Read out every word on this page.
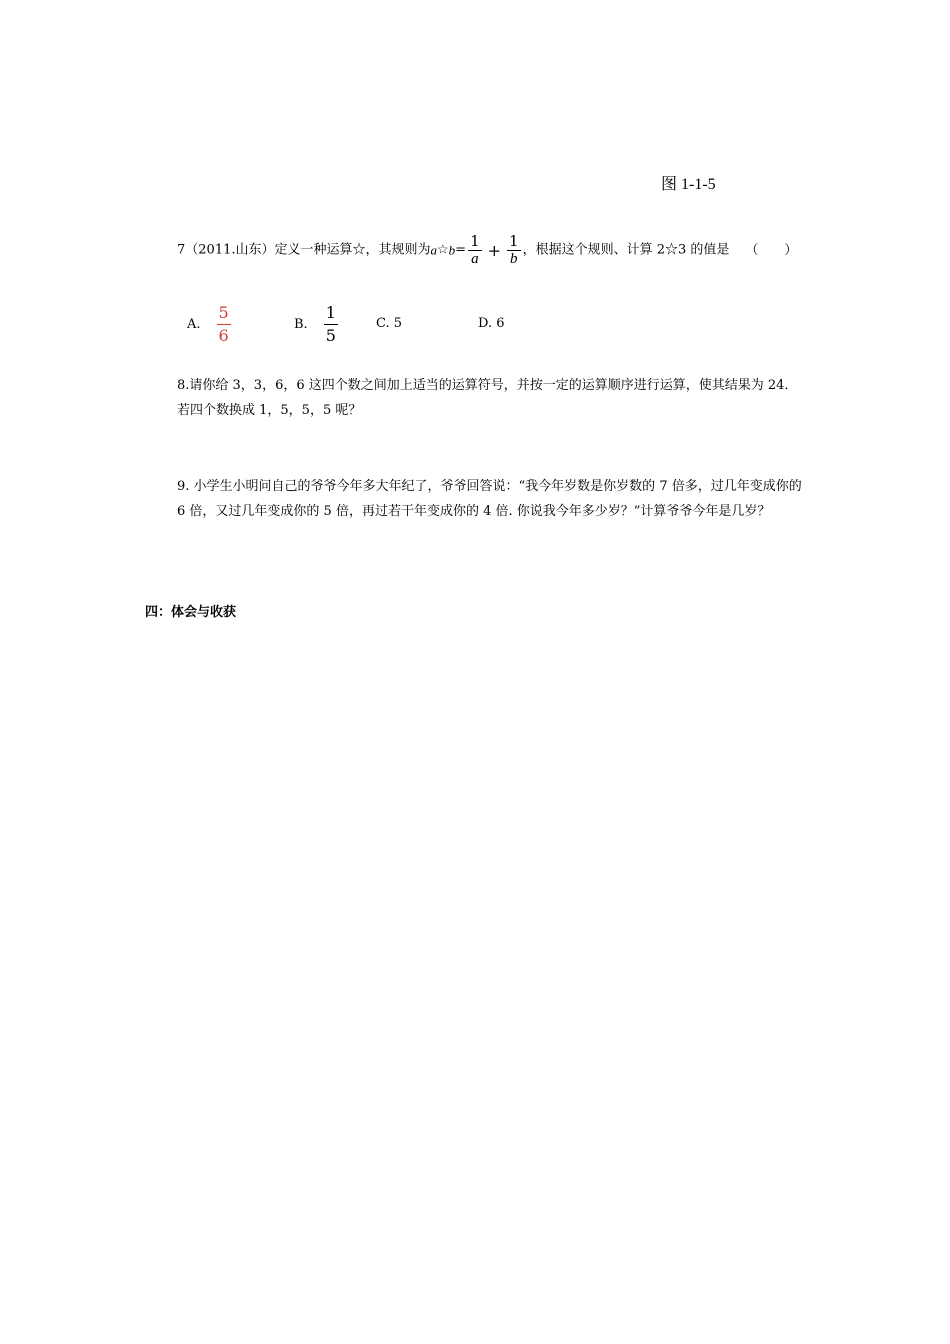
图 1-1-5
7（2011.山东）定义一种运算☆，其规则为a☆b= $\frac{1}{a} + \frac{1}{b}$ ，根据这个规则、计算 2☆3 的值是 （　　）
A. $\frac{5}{6}$	B. $\frac{1}{5}$	C. 5	D. 6
8.请你给 3，3，6，6 这四个数之间加上适当的运算符号，并按一定的运算顺序进行运算，使其结果为 24．若四个数换成 1，5，5，5 呢？
9. 小学生小明问自己的爷爷今年多大年纪了，爷爷回答说：“我今年岁数是你岁数的 7 倍多，过几年变成你的 6 倍，又过几年变成你的 5 倍，再过若干年变成你的 4 倍. 你说我今年多少岁？”计算爷爷今年是几岁？
四：体会与收获
